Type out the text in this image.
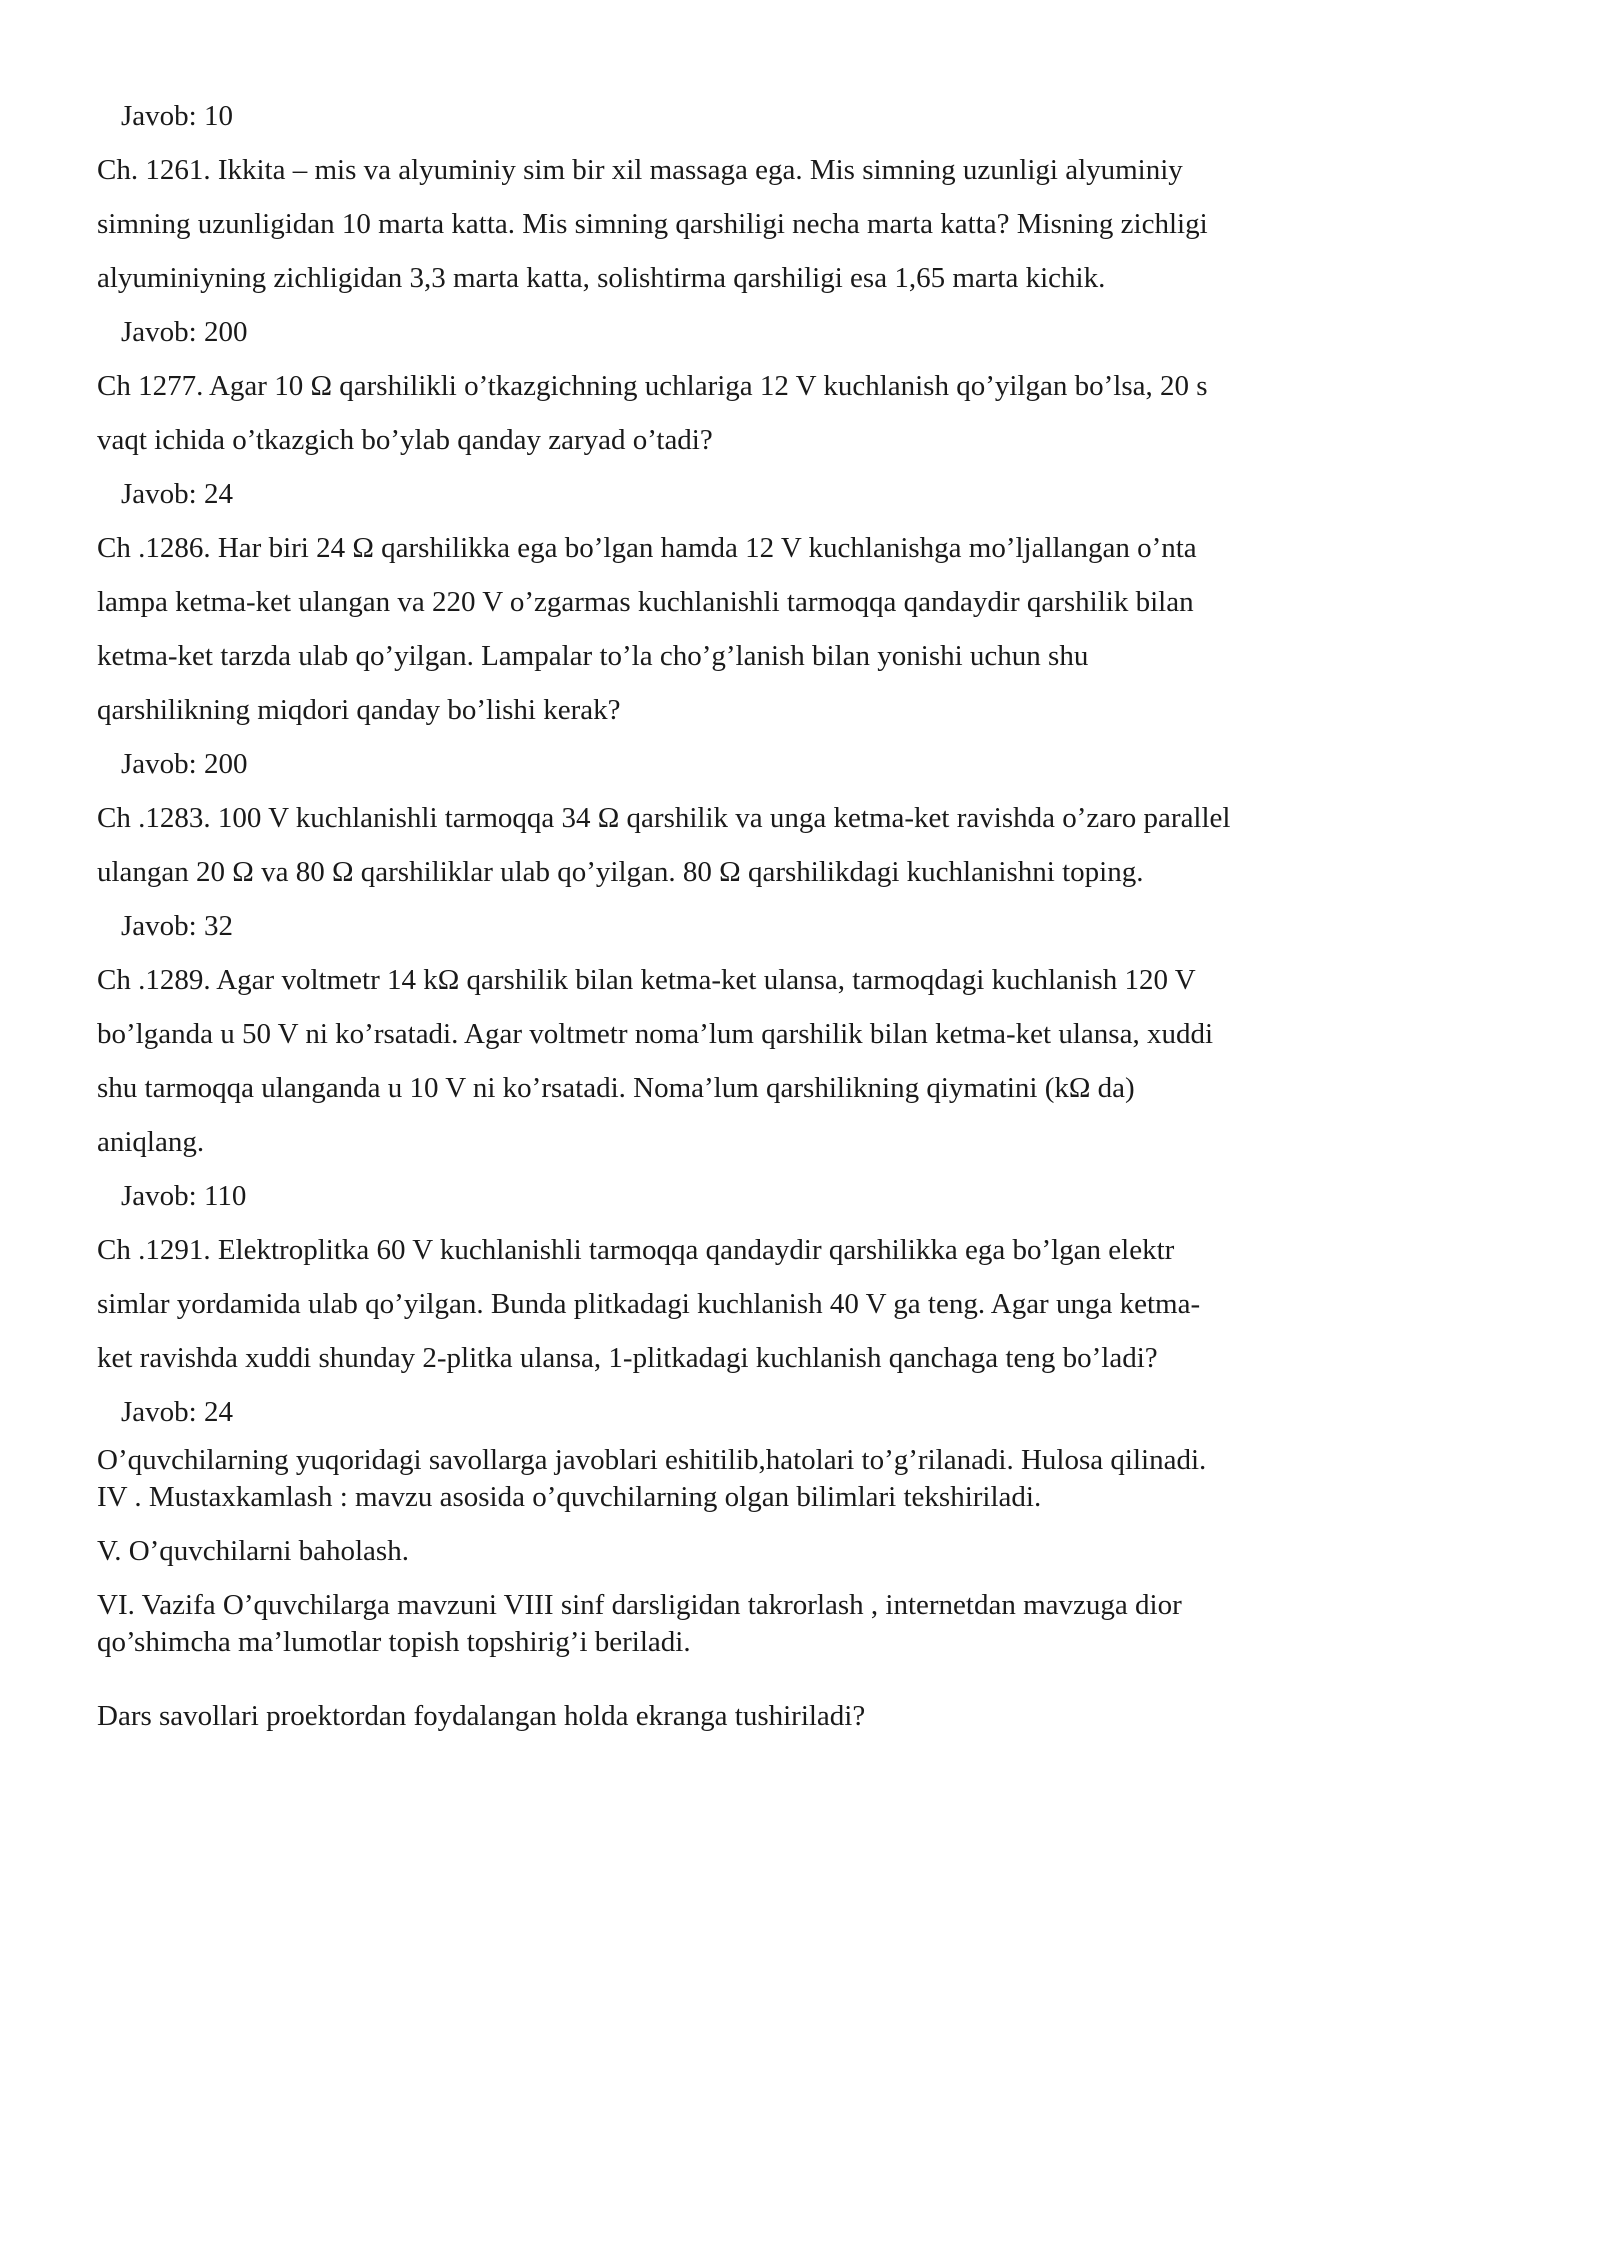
Javob: 10
Ch. 1261. Ikkita – mis va alyuminiy sim bir xil massaga ega. Mis simning uzunligi alyuminiy
simning uzunligidan 10 marta katta. Mis simning qarshiligi necha marta katta? Misning zichligi
alyuminiyning zichligidan 3,3 marta katta, solishtirma qarshiligi esa 1,65 marta kichik.
Javob: 200
Ch 1277. Agar 10 Ω qarshilikli o’tkazgichning uchlariga 12 V kuchlanish qo’yilgan bo’lsa, 20 s
vaqt ichida o’tkazgich bo’ylab qanday zaryad o’tadi?
Javob: 24
Ch .1286. Har biri 24 Ω qarshilikka ega bo’lgan hamda 12 V kuchlanishga mo’ljallangan o’nta
lampa ketma-ket ulangan va 220 V o’zgarmas kuchlanishli tarmoqqa qandaydir qarshilik bilan
ketma-ket tarzda ulab qo’yilgan. Lampalar to’la cho’g’lanish bilan yonishi uchun shu
qarshilikning miqdori qanday bo’lishi kerak?
Javob: 200
Ch .1283. 100 V kuchlanishli tarmoqqa 34 Ω qarshilik va unga ketma-ket ravishda o’zaro parallel
ulangan 20 Ω va 80 Ω qarshiliklar ulab qo’yilgan. 80 Ω qarshilikdagi kuchlanishni toping.
Javob: 32
Ch .1289. Agar voltmetr 14 kΩ qarshilik bilan ketma-ket ulansa, tarmoqdagi kuchlanish 120 V
bo’lganda u 50 V ni ko’rsatadi. Agar voltmetr noma’lum qarshilik bilan ketma-ket ulansa, xuddi
shu tarmoqqa ulanganda u 10 V ni ko’rsatadi. Noma’lum qarshilikning qiymatini (kΩ da)
aniqlang.
Javob: 110
Ch .1291. Elektroplitka 60 V kuchlanishli tarmoqqa qandaydir qarshilikka ega bo’lgan elektr
simlar yordamida ulab qo’yilgan. Bunda plitkadagi kuchlanish 40 V ga teng. Agar unga ketma-
ket ravishda xuddi shunday 2-plitka ulansa, 1-plitkadagi kuchlanish qanchaga teng bo’ladi?
Javob: 24
O’quvchilarning yuqoridagi savollarga javoblari eshitilib,hatolari to’g’rilanadi. Hulosa qilinadi.
IV . Mustaxkamlash : mavzu asosida o’quvchilarning olgan bilimlari tekshiriladi.
V. O’quvchilarni baholash.
VI. Vazifa O’quvchilarga mavzuni VIII sinf darsligidan takrorlash , internetdan mavzuga dior
qo’shimcha ma’lumotlar topish topshirig’i beriladi.
Dars savollari proektordan foydalangan holda ekranga tushiriladi?
